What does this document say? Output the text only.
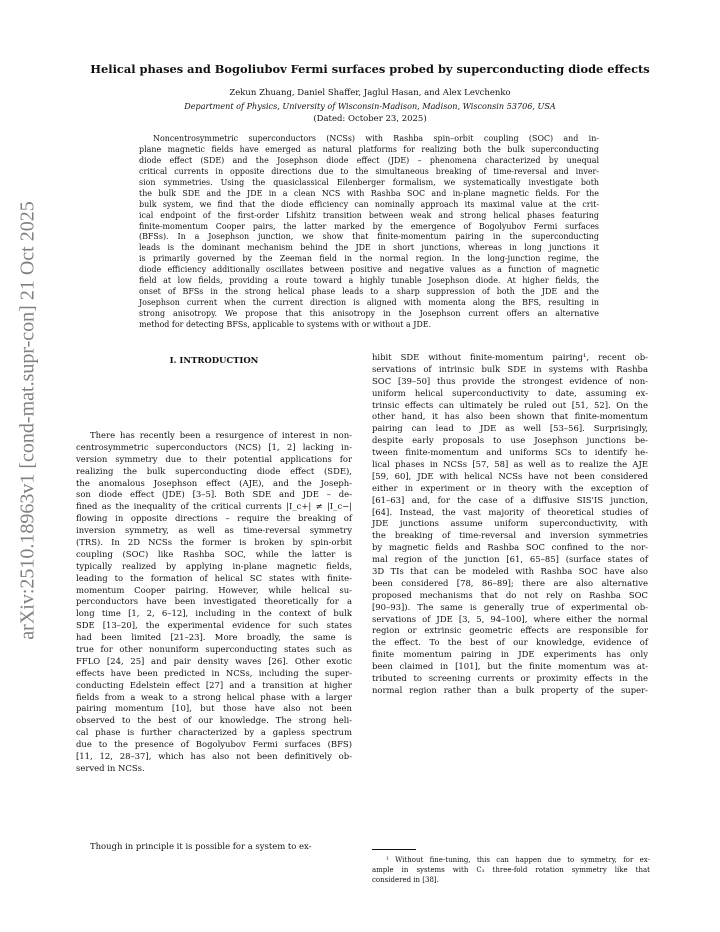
arXiv:2510.18963v1 [cond-mat.supr-con] 21 Oct 2025
Helical phases and Bogoliubov Fermi surfaces probed by superconducting diode effects
Zekun Zhuang, Daniel Shaffer, Jaglul Hasan, and Alex Levchenko
Department of Physics, University of Wisconsin-Madison, Madison, Wisconsin 53706, USA
(Dated: October 23, 2025)
Noncentrosymmetric superconductors (NCSs) with Rashba spin–orbit coupling (SOC) and in-
plane magnetic fields have emerged as natural platforms for realizing both the bulk superconducting
diode effect (SDE) and the Josephson diode effect (JDE) – phenomena characterized by unequal
critical currents in opposite directions due to the simultaneous breaking of time-reversal and inver-
sion symmetries. Using the quasiclassical Eilenberger formalism, we systematically investigate both
the bulk SDE and the JDE in a clean NCS with Rashba SOC and in-plane magnetic fields. For the
bulk system, we find that the diode efficiency can nominally approach its maximal value at the crit-
ical endpoint of the first-order Lifshitz transition between weak and strong helical phases featuring
finite-momentum Cooper pairs, the latter marked by the emergence of Bogolyubov Fermi surfaces
(BFSs). In a Josephson junction, we show that finite-momentum pairing in the superconducting
leads is the dominant mechanism behind the JDE in short junctions, whereas in long junctions it
is primarily governed by the Zeeman field in the normal region. In the long-junction regime, the
diode efficiency additionally oscillates between positive and negative values as a function of magnetic
field at low fields, providing a route toward a highly tunable Josephson diode. At higher fields, the
onset of BFSs in the strong helical phase leads to a sharp suppression of both the JDE and the
Josephson current when the current direction is aligned with momenta along the BFS, resulting in
strong anisotropy. We propose that this anisotropy in the Josephson current offers an alternative
method for detecting BFSs, applicable to systems with or without a JDE.
I. INTRODUCTION
There has recently been a resurgence of interest in non-
centrosymmetric superconductors (NCS) [1, 2] lacking in-
version symmetry due to their potential applications for
realizing the bulk superconducting diode effect (SDE),
the anomalous Josephson effect (AJE), and the Joseph-
son diode effect (JDE) [3–5]. Both SDE and JDE – de-
fined as the inequality of the critical currents |I_c+| ≠ |I_c−|
flowing in opposite directions – require the breaking of
inversion symmetry, as well as time-reversal symmetry
(TRS). In 2D NCSs the former is broken by spin-orbit
coupling (SOC) like Rashba SOC, while the latter is
typically realized by applying in-plane magnetic fields,
leading to the formation of helical SC states with finite-
momentum Cooper pairing. However, while helical su-
perconductors have been investigated theoretically for a
long time [1, 2, 6–12], including in the context of bulk
SDE [13–20], the experimental evidence for such states
had been limited [21–23]. More broadly, the same is
true for other nonuniform superconducting states such as
FFLO [24, 25] and pair density waves [26]. Other exotic
effects have been predicted in NCSs, including the super-
conducting Edelstein effect [27] and a transition at higher
fields from a weak to a strong helical phase with a larger
pairing momentum [10], but those have also not been
observed to the best of our knowledge. The strong heli-
cal phase is further characterized by a gapless spectrum
due to the presence of Bogolyubov Fermi surfaces (BFS)
[11, 12, 28–37], which has also not been definitively ob-
served in NCSs.
Though in principle it is possible for a system to ex-
hibit SDE without finite-momentum pairing¹, recent ob-
servations of intrinsic bulk SDE in systems with Rashba
SOC [39–50] thus provide the strongest evidence of non-
uniform helical superconductivity to date, assuming ex-
trinsic effects can ultimately be ruled out [51, 52]. On the
other hand, it has also been shown that finite-momentum
pairing can lead to JDE as well [53–56]. Surprisingly,
despite early proposals to use Josephson junctions be-
tween finite-momentum and uniforms SCs to identify he-
lical phases in NCSs [57, 58] as well as to realize the AJE
[59, 60], JDE with helical NCSs have not been considered
either in experiment or in theory with the exception of
[61–63] and, for the case of a diffusive SIS'IS junction,
[64]. Instead, the vast majority of theoretical studies of
JDE junctions assume uniform superconductivity, with
the breaking of time-reversal and inversion symmetries
by magnetic fields and Rashba SOC confined to the nor-
mal region of the junction [61, 65–85] (surface states of
3D TIs that can be modeled with Rashba SOC have also
been considered [78, 86–89]; there are also alternative
proposed mechanisms that do not rely on Rashba SOC
[90–93]). The same is generally true of experimental ob-
servations of JDE [3, 5, 94–100], where either the normal
region or extrinsic geometric effects are responsible for
the effect. To the best of our knowledge, evidence of
finite momentum pairing in JDE experiments has only
been claimed in [101], but the finite momentum was at-
tributed to screening currents or proximity effects in the
normal region rather than a bulk property of the super-
¹ Without fine-tuning, this can happen due to symmetry, for ex-
ample in systems with C₃ three-fold rotation symmetry like that
considered in [38].
